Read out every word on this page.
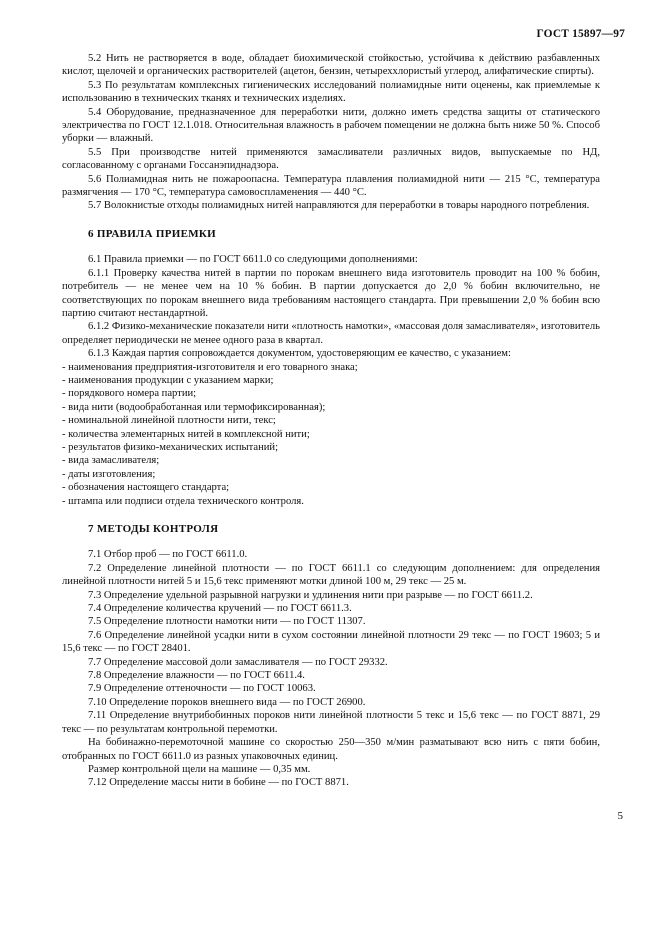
ГОСТ 15897—97

5.2 Нить не растворяется в воде, обладает биохимической стойкостью, устойчива к действию разбавленных кислот, щелочей и органических растворителей (ацетон, бензин, четыреххлористый углерод, алифатические спирты).

5.3 По результатам комплексных гигиенических исследований полиамидные нити оценены, как приемлемые к использованию в технических тканях и технических изделиях.

5.4 Оборудование, предназначенное для переработки нити, должно иметь средства защиты от статического электричества по ГОСТ 12.1.018. Относительная влажность в рабочем помещении не должна быть ниже 50 %. Способ уборки — влажный.

5.5 При производстве нитей применяются замасливатели различных видов, выпускаемые по НД, согласованному с органами Госсанэпиднадзора.

5.6 Полиамидная нить не пожароопасна. Температура плавления полиамидной нити — 215 °С, температура размягчения — 170 °С, температура самовоспламенения — 440 °С.

5.7 Волокнистые отходы полиамидных нитей направляются для переработки в товары народного потребления.

6 ПРАВИЛА ПРИЕМКИ

6.1 Правила приемки — по ГОСТ 6611.0 со следующими дополнениями:

6.1.1 Проверку качества нитей в партии по порокам внешнего вида изготовитель проводит на 100 % бобин, потребитель — не менее чем на 10 % бобин. В партии допускается до 2,0 % бобин включительно, не соответствующих по порокам внешнего вида требованиям настоящего стандарта. При превышении 2,0 % бобин всю партию считают нестандартной.

6.1.2 Физико-механические показатели нити «плотность намотки», «массовая доля замасливателя», изготовитель определяет периодически не менее одного раза в квартал.

6.1.3 Каждая партия сопровождается документом, удостоверяющим ее качество, с указанием:

- наименования предприятия-изготовителя и его товарного знака;
- наименования продукции с указанием марки;
- порядкового номера партии;
- вида нити (водообработанная или термофиксированная);
- номинальной линейной плотности нити, текс;
- количества элементарных нитей в комплексной нити;
- результатов физико-механических испытаний;
- вида замасливателя;
- даты изготовления;
- обозначения настоящего стандарта;
- штампа или подписи отдела технического контроля.

7 МЕТОДЫ КОНТРОЛЯ

7.1 Отбор проб — по ГОСТ 6611.0.

7.2 Определение линейной плотности — по ГОСТ 6611.1 со следующим дополнением: для определения линейной плотности нитей 5 и 15,6 текс применяют мотки длиной 100 м, 29 текс — 25 м.

7.3 Определение удельной разрывной нагрузки и удлинения нити при разрыве — по ГОСТ 6611.2.

7.4 Определение количества кручений — по ГОСТ 6611.3.

7.5 Определение плотности намотки нити — по ГОСТ 11307.

7.6 Определение линейной усадки нити в сухом состоянии линейной плотности 29 текс — по ГОСТ 19603; 5 и 15,6 текс — по ГОСТ 28401.

7.7 Определение массовой доли замасливателя — по ГОСТ 29332.

7.8 Определение влажности — по ГОСТ 6611.4.

7.9 Определение оттеночности — по ГОСТ 10063.

7.10 Определение пороков внешнего вида — по ГОСТ 26900.

7.11 Определение внутрибобинных пороков нити линейной плотности 5 текс и 15,6 текс — по ГОСТ 8871, 29 текс — по результатам контрольной перемотки.

На бобинажно-перемоточной машине со скоростью 250—350 м/мин разматывают всю нить с пяти бобин, отобранных по ГОСТ 6611.0 из разных упаковочных единиц.

Размер контрольной щели на машине — 0,35 мм.

7.12 Определение массы нити в бобине — по ГОСТ 8871.

5
